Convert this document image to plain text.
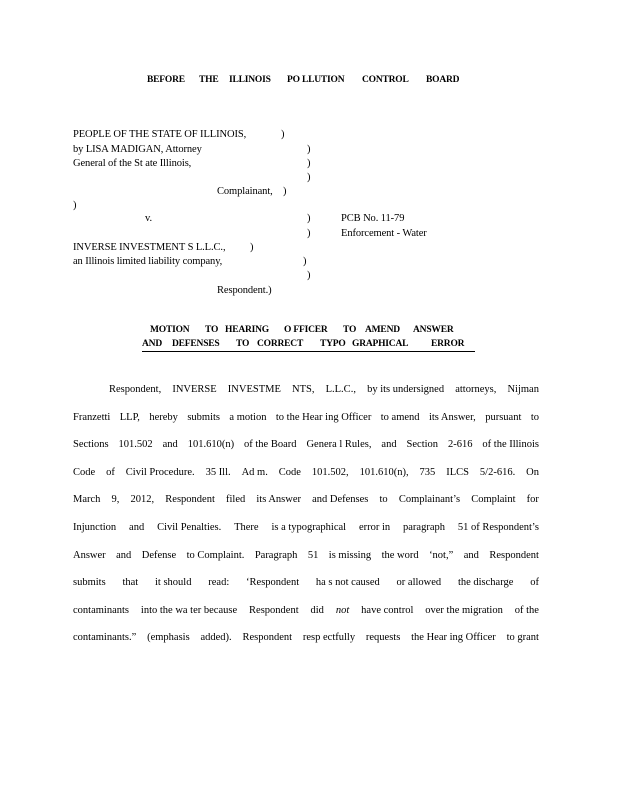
BEFORE THE ILLINOIS PO LLUTION CONTROL BOARD
PEOPLE OF THE STATE OF ILLINOIS,	)
by LISA MADIGAN, Attorney	)
General of the St ate Illinois,	)
)
Complainant, )
)
v.	)	PCB No. 11-79
)	Enforcement - Water
INVERSE INVESTMENT S L.L.C., )
an Illinois limited liability company,	)
)
Respondent.)
MOTION TO HEARING O FFICER TO AMEND ANSWER
AND DEFENSES TO CORRECT TYPO GRAPHICAL ERROR
Respondent, INVERSE INVESTME NTS, L.L.C., by its undersigned attorneys, Nijman
Franzetti LLP, hereby submits a motion to the Hear ing Officer to amend its Answer, pursuant to
Sections 101.502 and 101.610(n) of the Board Genera l Rules, and Section 2-616 of the Illinois
Code of Civil Procedure. 35 Ill. Ad m. Code 101.502, 101.610(n), 735 ILCS 5/2-616. On
March 9, 2012, Respondent filed its Answer and Defenses to Complainant’s Complaint for
Injunction and Civil Penalties. There is a typographical error in paragraph 51 of Respondent’s
Answer and Defense to Complaint. Paragraph 51 is missing the word ‘not,” and Respondent
submits that it should read: ‘Respondent ha s not caused or allowed the discharge of
contaminants into the wa ter because Respondent did not have control over the migration of the
contaminants.” (emphasis added). Respondent resp ectfully requests the Hear ing Officer to grant
